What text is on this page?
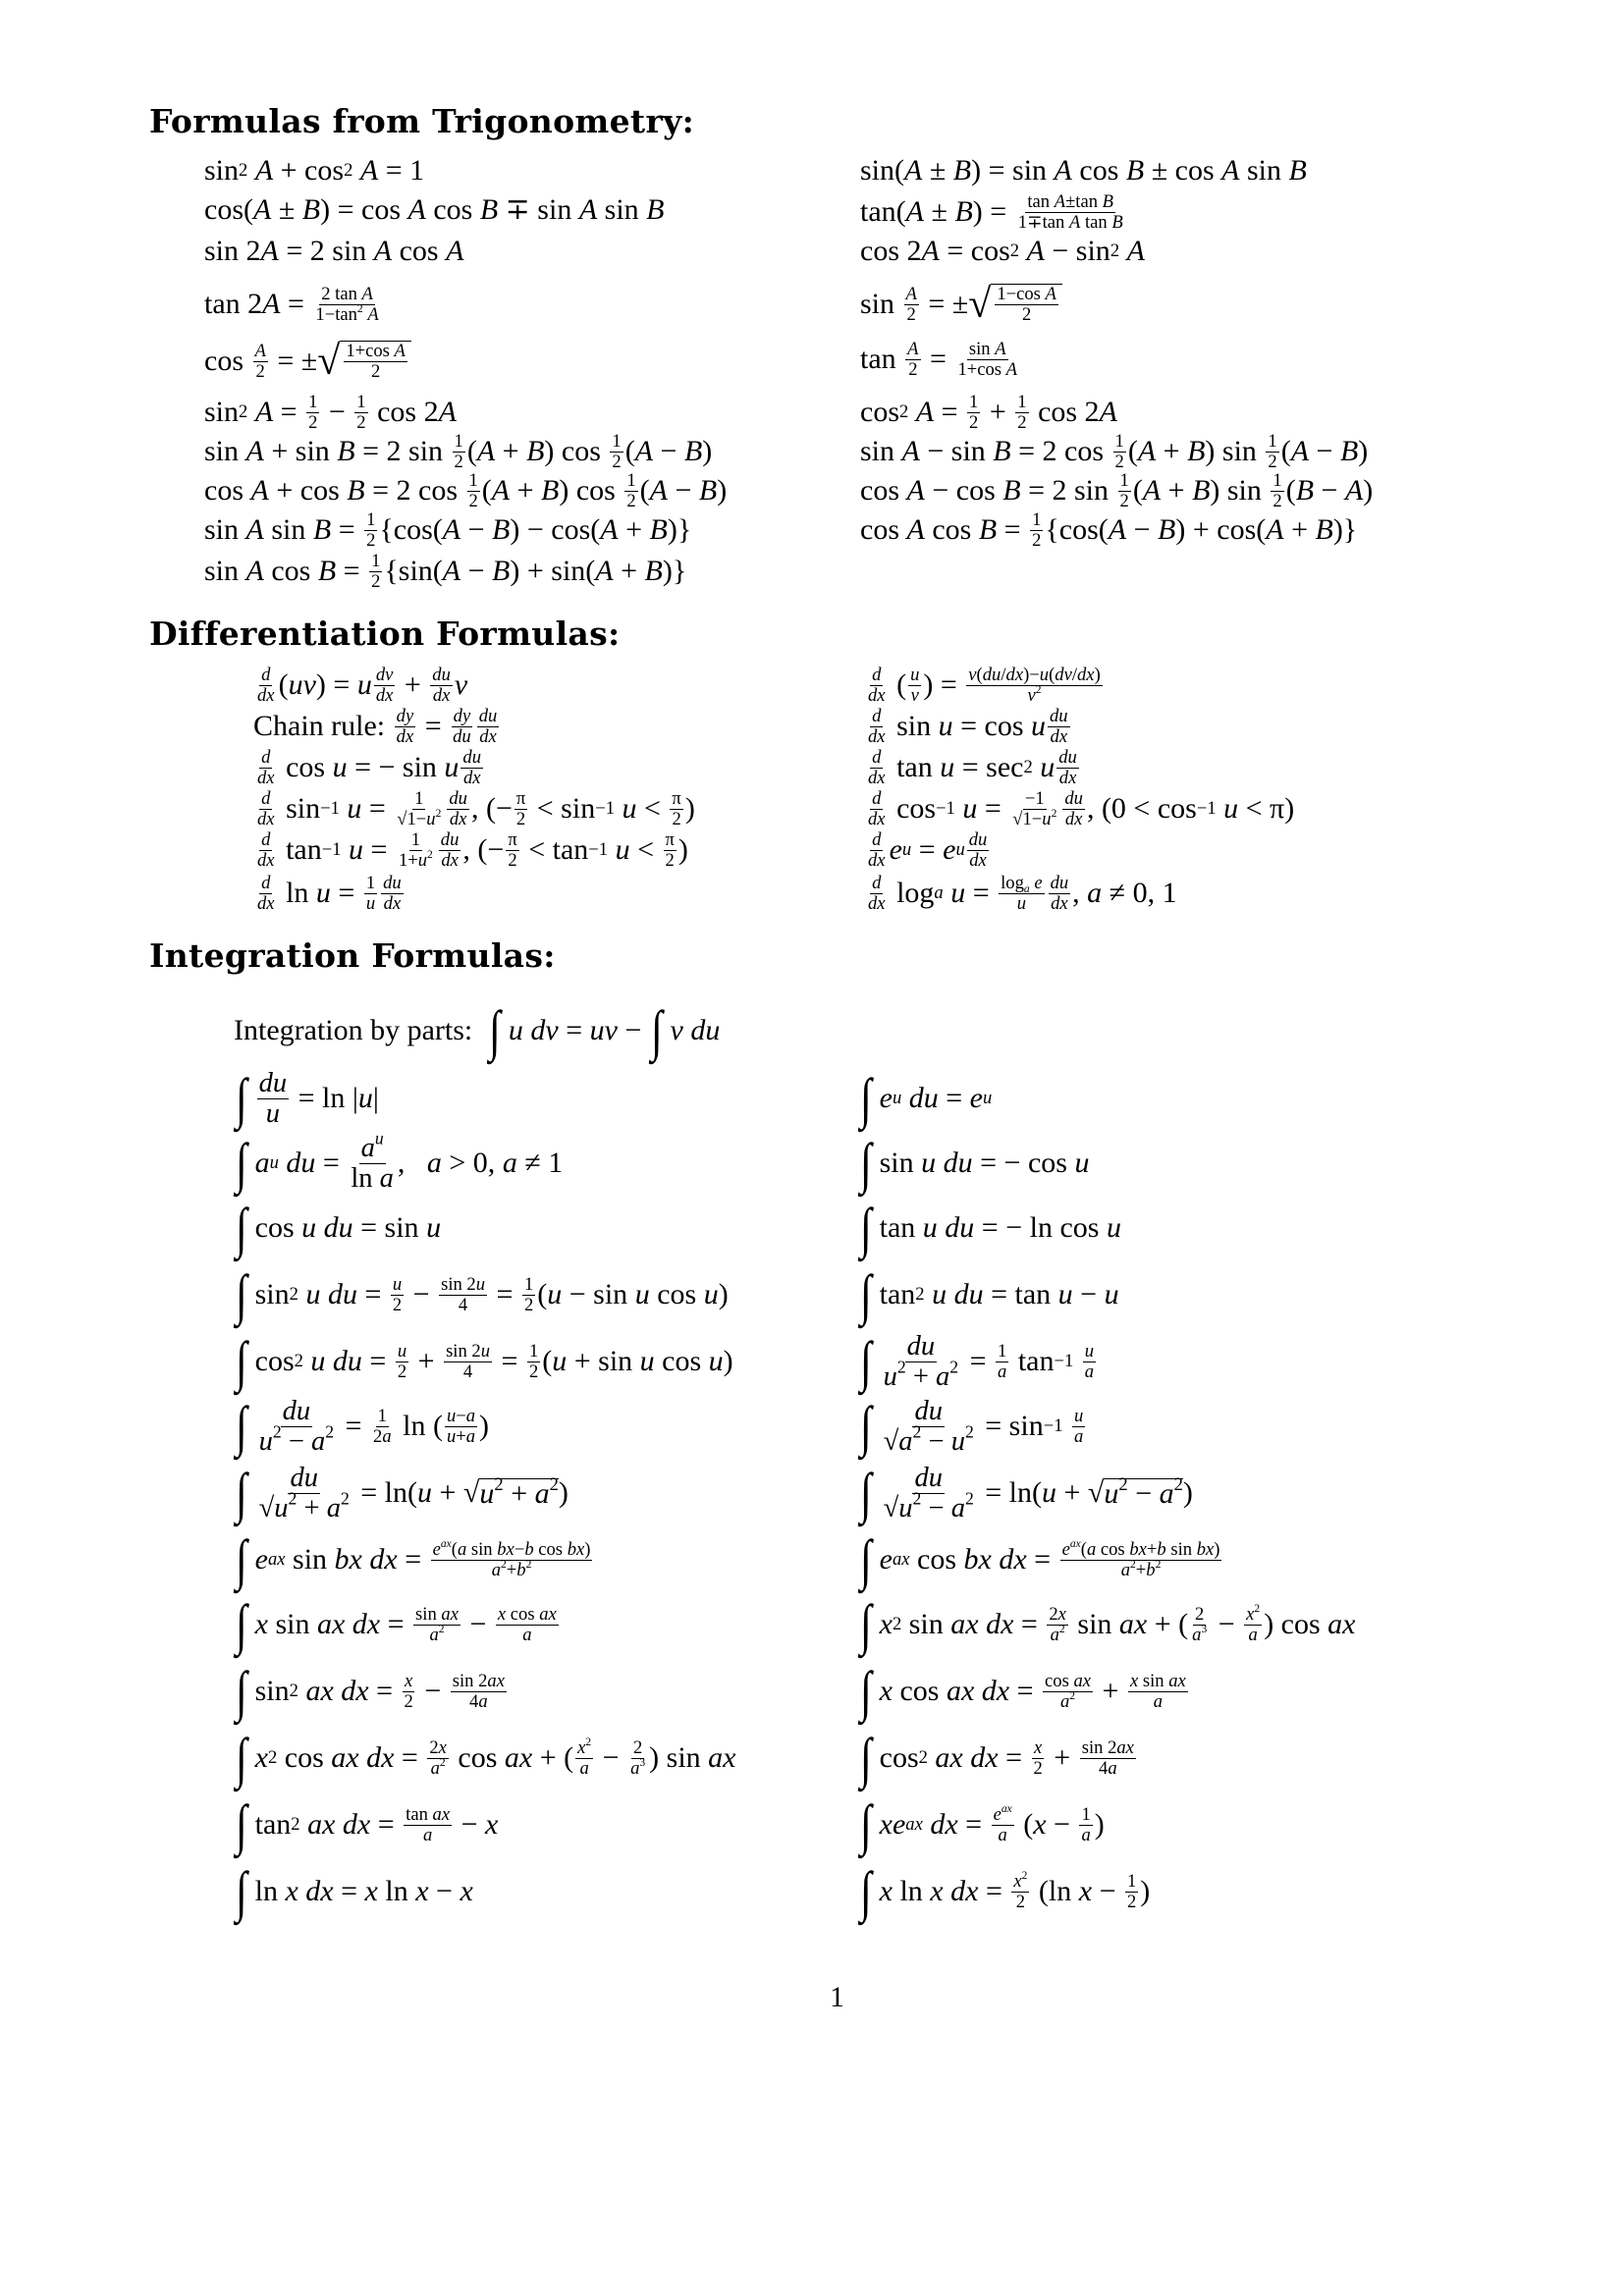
Formulas from Trigonometry:
sin 2
A + cos 2
A = 1
cos( A ± B ) = cos A cos B ∓ sin A sin B
sin 2 A = 2 sin A cos A
tan 2 $A = \frac{\text{2 tan A}}{1-\tan^2 A}$
$\cos \frac{A}{2}$ = ± √ $\frac{\text{1+cos A}}{2}$
sin 2
$A = \frac{1}{2} - \frac{1}{2}$ cos 2 A
sin A + sin B = 2 $\sin \frac{1}{2}$ ( A + B ) $\cos \frac{1}{2}$ ( A − B )
cos A + cos B = 2 $\cos \frac{1}{2}$ ( A + B ) $\cos \frac{1}{2}$ ( A − B )
sin A $\sin B = \frac{1}{2} \{\cos$( A − B ) − cos( A + B )}
sin A $\cos B = \frac{1}{2} \{\sin$( A − B ) + sin( A + B )}
sin( A ± B ) = sin A cos B ± cos A sin B
tan( A ± B ) = $\frac{\text{tan A±tan B}}{\text{1∓tan A tan B}}$
cos 2 A = cos 2
A − sin 2
A
$\sin \frac{A}{2}$ = ± √ $\frac{\text{1−cos A}}{2}$
$\tan \frac{A}{2} = \frac{\text{sin A}}{\text{1+cos A}}$
cos 2
$A = \frac{1}{2} + \frac{1}{2}$ cos 2 A
sin A − sin B = 2 $\cos \frac{1}{2}$ ( A + B ) $\sin \frac{1}{2}$ ( A − B )
cos A − cos B = 2 $\sin \frac{1}{2}$ ( A + B ) $\sin \frac{1}{2}$ ( B − A )
cos A $\cos B = \frac{1}{2} \{\cos$( A − B ) + cos( A + B )}
Differentiation Formulas:
$\frac{d}{dx}$ ( uv ) = u $\frac{dv}{dx} + \frac{du}{dx}$ v
Chain rule:
$\frac{dy}{dx} = \frac{dy}{du} \frac{du}{dx}$
$\frac{d}{dx}$ cos u = − sin u $\frac{du}{dx}$
$\frac{d}{dx}$ sin −1
$u = \frac{1}{√1-u^2} \frac{du}{dx}$ , (− $\frac{\pi}{2} < \sin -1$
$u < \frac{\pi}{2}$ )
$\frac{d}{dx}$ tan −1
$u = \frac{1}{1+u^2} \frac{du}{dx}$ , (− $\frac{\pi}{2} < \tan -1$
$u < \frac{\pi}{2}$ )
$\frac{d}{dx}$ $\ln u = \frac{1}{u} \frac{du}{dx}$
$\frac{d}{dx}$ ( $\frac{u}{v}$ ) = $\frac{v(du/dx)-u(dv/dx)}{v^2}$
$\frac{d}{dx}$ sin u = cos u $\frac{du}{dx}$
$\frac{d}{dx}$ tan u = sec 2
u $\frac{du}{dx}$
$\frac{d}{dx}$ cos −1
$u = \frac{-1}{√1-u^2} \frac{du}{dx}$ , (0 < cos −1
u < π)
$\frac{d}{dx}$ e u = e u $\frac{du}{dx}$
$\frac{d}{dx}$ log a
$u = \frac{\log_a e}{u} \frac{du}{dx}$ , a ≠ 0, 1
Integration Formulas:
Integration by parts:
∫ u
dv = uv − ∫ v
du
∫ $\frac{du}{u} = \ln$ | u |
∫ a u
du = $\frac{a^u}{\text{ln a}}$ , a > 0, a ≠ 1
∫ cos u
du = sin u
∫ sin 2
u
du = $\frac{u}{2} - \frac{\sin 2u}{4} = \frac{1}{2}$ ( u − sin u cos u )
∫ cos 2
u
du = $\frac{u}{2} + \frac{\sin 2u}{4} = \frac{1}{2}$ ( u + sin u cos u )
∫ $\frac{du}{u^2 - a^2} = \frac{1}{2a}$ ln ( $\frac{u-a}{u+a}$ )
∫ $\frac{du}{√u^2 + a^2} = \ln$( u + √ $u^2 + a^2$ )
∫ e ax sin bx
dx = $\frac{e^{ax}(a \sin bx-b \cos bx)}{a^2+b^2}$
∫ x sin ax
dx = $\frac{\text{sin ax}}{a^2} - \frac{\text{x cos ax}}{a}$
∫ sin 2
ax
dx = $\frac{x}{2} - \frac{\sin 2ax}{4a}$
∫ x 2 cos ax
dx = $\frac{2x}{a^2}$ cos ax + ( $\frac{x^2}{a} - \frac{2}{a^3}$ ) sin ax
∫ tan 2
ax
dx = $\frac{\text{tan ax}}{a} - x$
∫ ln x
dx = x ln x − x
∫ e u
du = e u
∫ sin u
du = − cos u
∫ tan u
du = − ln cos u
∫ tan 2
u
du = tan u − u
∫ $\frac{du}{u^2 + a^2} = \frac{1}{a}$ tan −1
$\frac{u}{a}$
∫ $\frac{du}{√a^2 - u^2} = \sin -1$
$\frac{u}{a}$
∫ $\frac{du}{√u^2 - a^2} = \ln$( u + √ $u^2 - a^2$ )
∫ e ax cos bx
dx = $\frac{e^{ax}(a \cos bx+b \sin bx)}{a^2+b^2}$
∫ x 2 sin ax
dx = $\frac{2x}{a^2}$ sin ax + ( $\frac{2}{a^3} - \frac{x^2}{a}$ ) cos ax
∫ x cos ax
dx = $\frac{\text{cos ax}}{a^2} + \frac{\text{x sin ax}}{a}$
∫ cos 2
ax
dx = $\frac{x}{2} + \frac{\sin 2ax}{4a}$
∫ xe ax
dx = $\frac{e^{ax}}{a}$ ( $x - \frac{1}{a}$ )
∫ x ln x
dx = $\frac{x^2}{2} (\ln$ $x - \frac{1}{2}$ )
1
